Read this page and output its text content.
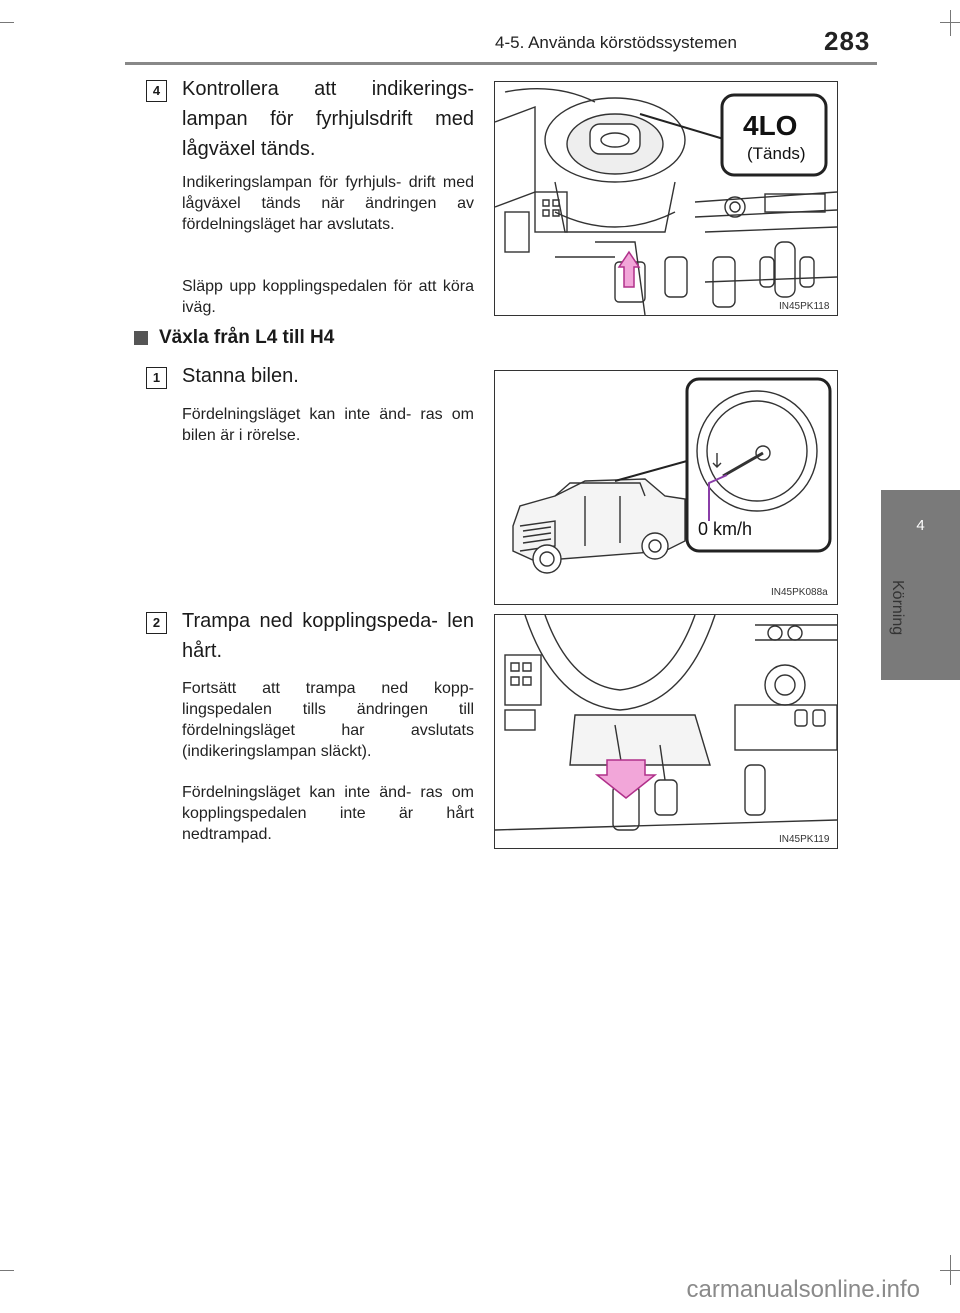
4-5. Använda körstödssystemen	283
4
Körning
4	Kontrollera att indikerings- lampan för fyrhjulsdrift med lågväxel tänds.
Indikeringslampan för fyrhjuls- drift med lågväxel tänds när ändringen av fördelningsläget har avslutats.
Släpp upp kopplingspedalen för att köra iväg.
4LO
(Tänds)
IN45PK118
Växla från L4 till H4
1	Stanna bilen.
Fördelningsläget kan inte änd- ras om bilen är i rörelse.
0 km/h
IN45PK088a
2	Trampa ned kopplingspeda- len hårt.
Fortsätt att trampa ned kopp- lingspedalen tills ändringen till fördelningsläget har avslutats (indikeringslampan släckt).
Fördelningsläget kan inte änd- ras om kopplingspedalen inte är hårt nedtrampad.	IN45PK119
carmanualsonline.info
